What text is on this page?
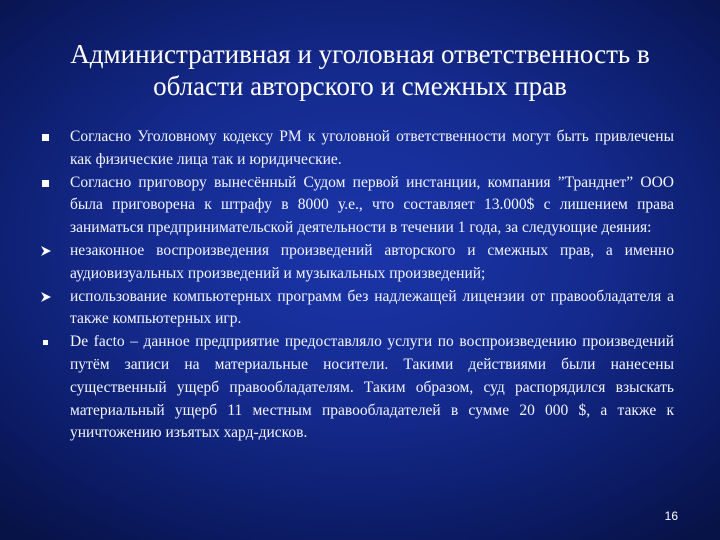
Административная и уголовная ответственность в области авторского и смежных прав
Согласно Уголовному кодексу РМ к уголовной ответственности могут быть привлечены как физические лица так и юридические.
Согласно приговору вынесённый Судом первой инстанции, компания ”Транднет” ООО была приговорена к штрафу в 8000 у.е., что составляет 13.000$ с лишением права заниматься предпринимательской деятельности в течении 1 года, за следующие деяния:
незаконное воспроизведения произведений авторского и смежных прав, а именно аудиовизуальных произведений и музыкальных произведений;
использование компьютерных программ без надлежащей лицензии от правообладателя а также компьютерных игр.
De facto – данное предприятие предоставляло услуги по воспроизведению произведений путём записи на материальные носители. Такими действиями были нанесены существенный ущерб правообладателям. Таким образом, суд распорядился взыскать материальный ущерб 11 местным правообладателей в сумме 20 000 $, а также к уничтожению изъятых хард-дисков.
16
